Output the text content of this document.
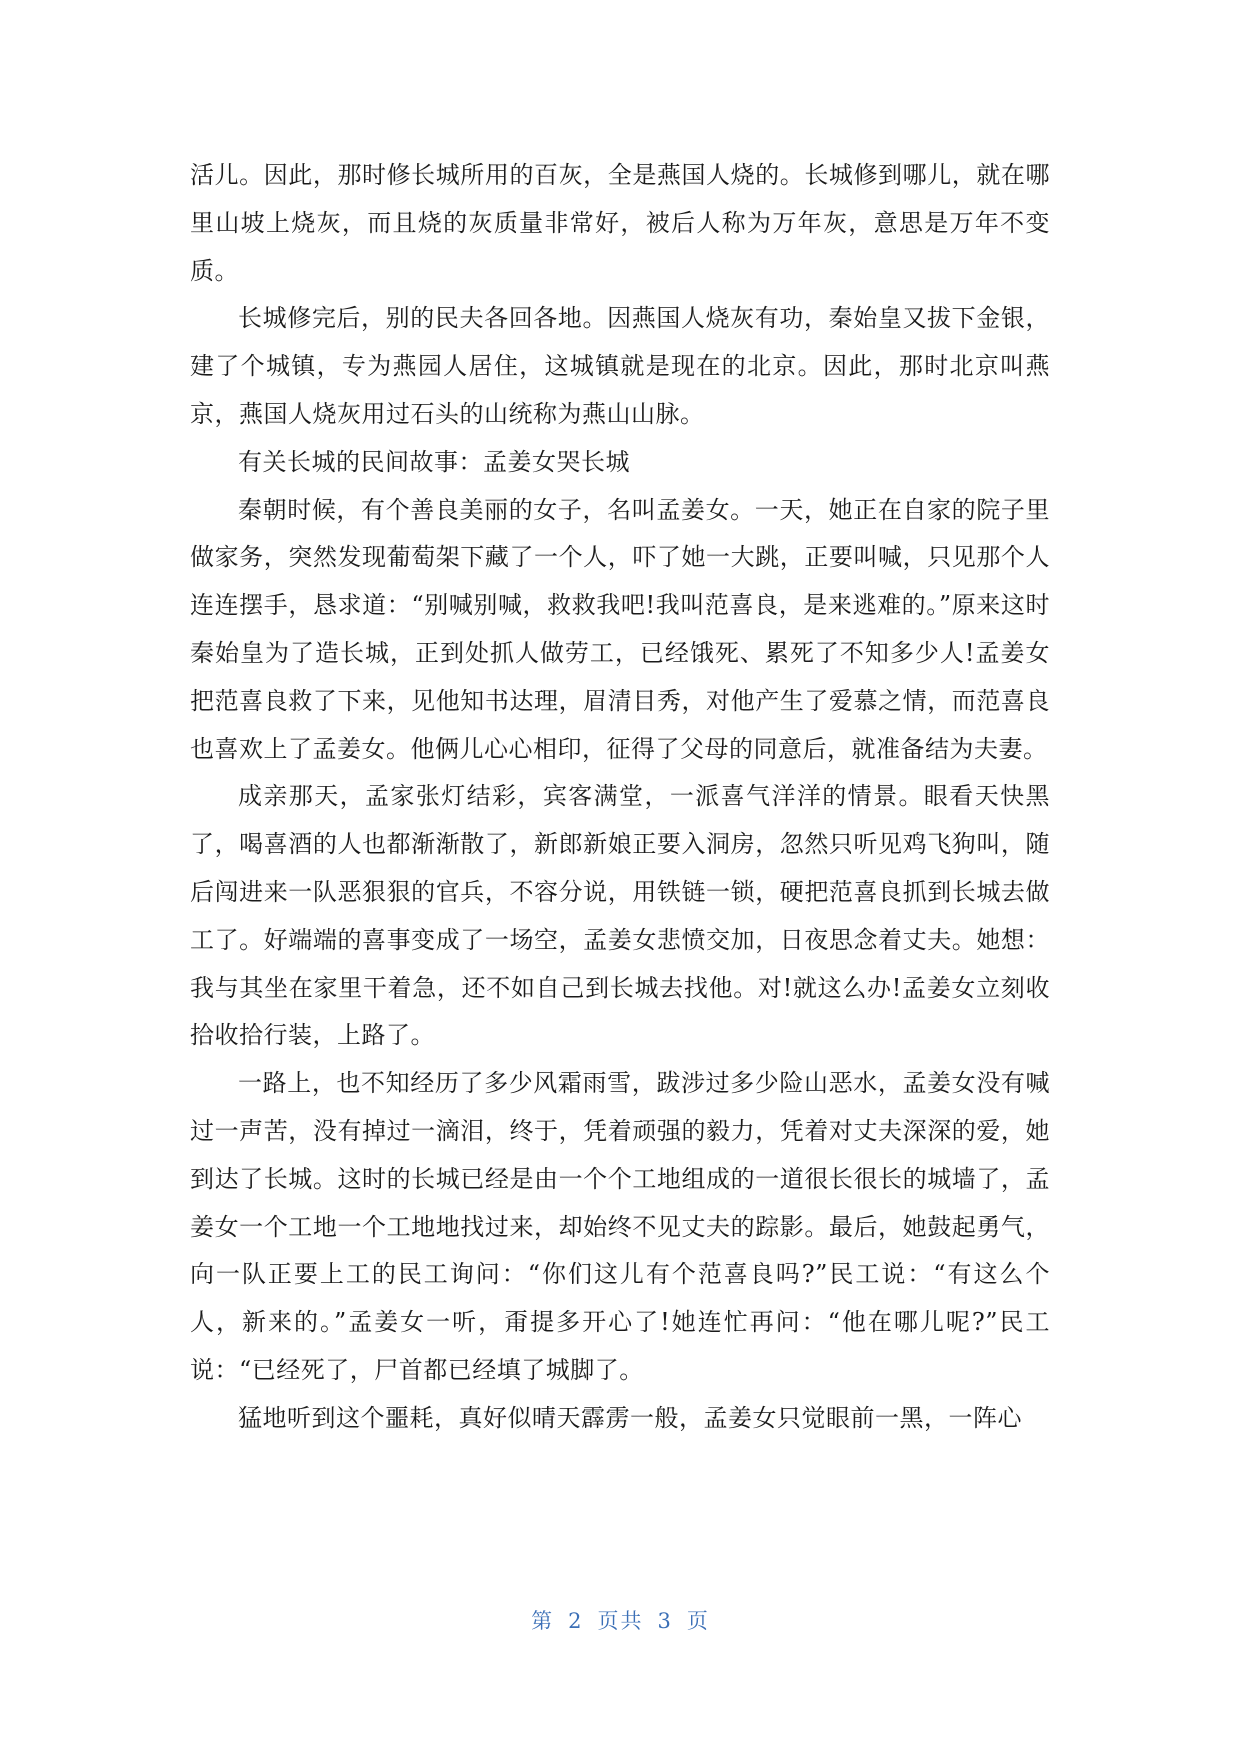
活儿。因此，那时修长城所用的百灰，全是燕国人烧的。长城修到哪儿，就在哪里山坡上烧灰，而且烧的灰质量非常好，被后人称为万年灰，意思是万年不变质。

长城修完后，别的民夫各回各地。因燕国人烧灰有功，秦始皇又拔下金银，建了个城镇，专为燕园人居住，这城镇就是现在的北京。因此，那时北京叫燕京，燕国人烧灰用过石头的山统称为燕山山脉。

有关长城的民间故事：孟姜女哭长城

秦朝时候，有个善良美丽的女子，名叫孟姜女。一天，她正在自家的院子里做家务，突然发现葡萄架下藏了一个人，吓了她一大跳，正要叫喊，只见那个人连连摆手，恳求道：“别喊别喊，救救我吧!我叫范喜良，是来逃难的。”原来这时秦始皇为了造长城，正到处抓人做劳工，已经饿死、累死了不知多少人!孟姜女把范喜良救了下来，见他知书达理，眉清目秀，对他产生了爱慕之情，而范喜良也喜欢上了孟姜女。他俩儿心心相印，征得了父母的同意后，就准备结为夫妻。

成亲那天，孟家张灯结彩，宾客满堂，一派喜气洋洋的情景。眼看天快黑了，喝喜酒的人也都渐渐散了，新郎新娘正要入洞房，忽然只听见鸡飞狗叫，随后闯进来一队恶狠狠的官兵，不容分说，用铁链一锁，硬把范喜良抓到长城去做工了。好端端的喜事变成了一场空，孟姜女悲愤交加，日夜思念着丈夫。她想：我与其坐在家里干着急，还不如自己到长城去找他。对!就这么办!孟姜女立刻收拾收拾行装，上路了。

一路上，也不知经历了多少风霜雨雪，跋涉过多少险山恶水，孟姜女没有喊过一声苦，没有掉过一滴泪，终于，凭着顽强的毅力，凭着对丈夫深深的爱，她到达了长城。这时的长城已经是由一个个工地组成的一道很长很长的城墙了，孟姜女一个工地一个工地地找过来，却始终不见丈夫的踪影。最后，她鼓起勇气，向一队正要上工的民工询问：“你们这儿有个范喜良吗?”民工说：“有这么个人，新来的。”孟姜女一听，甭提多开心了!她连忙再问：“他在哪儿呢?”民工说：“已经死了，尸首都已经填了城脚了。

猛地听到这个噩耗，真好似晴天霹雳一般，孟姜女只觉眼前一黑，一阵心

第 2 页共 3 页
